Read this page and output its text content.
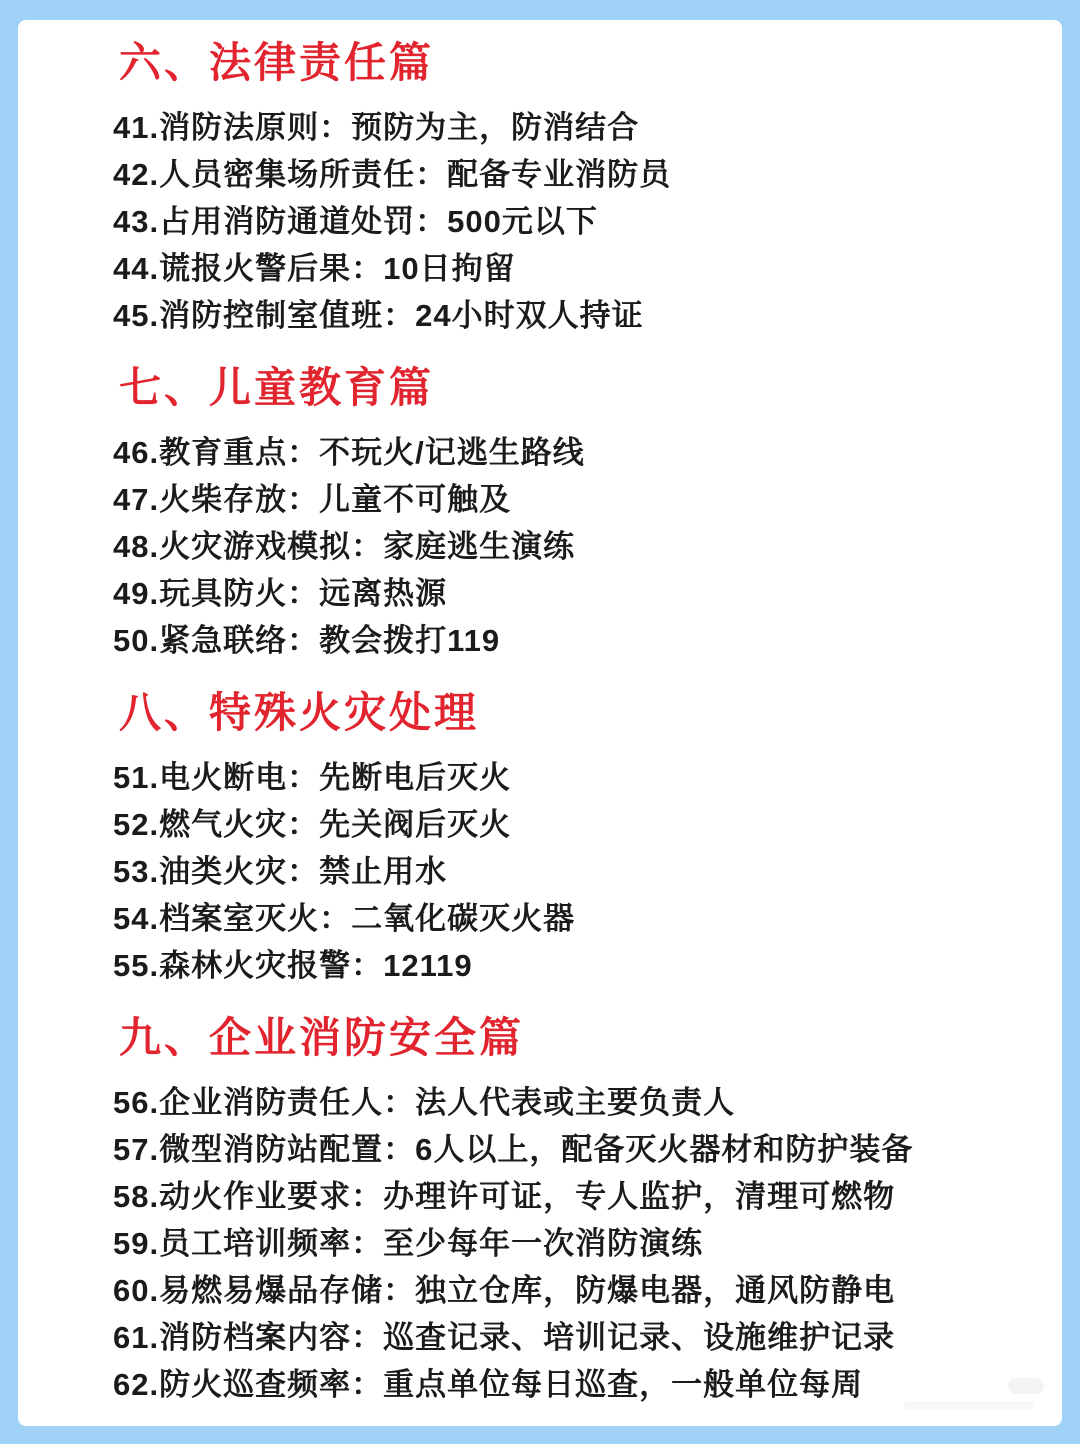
六、法律责任篇
41.消防法原则：预防为主，防消结合
42.人员密集场所责任：配备专业消防员
43.占用消防通道处罚：500元以下
44.谎报火警后果：10日拘留
45.消防控制室值班：24小时双人持证
七、儿童教育篇
46.教育重点：不玩火/记逃生路线
47.火柴存放：儿童不可触及
48.火灾游戏模拟：家庭逃生演练
49.玩具防火：远离热源
50.紧急联络：教会拨打119
八、特殊火灾处理
51.电火断电：先断电后灭火
52.燃气火灾：先关阀后灭火
53.油类火灾：禁止用水
54.档案室灭火：二氧化碳灭火器
55.森林火灾报警：12119
九、企业消防安全篇
56.企业消防责任人：法人代表或主要负责人
57.微型消防站配置：6人以上，配备灭火器材和防护装备
58.动火作业要求：办理许可证，专人监护，清理可燃物
59.员工培训频率：至少每年一次消防演练
60.易燃易爆品存储：独立仓库，防爆电器，通风防静电
61.消防档案内容：巡查记录、培训记录、设施维护记录
62.防火巡查频率：重点单位每日巡查，一般单位每周
